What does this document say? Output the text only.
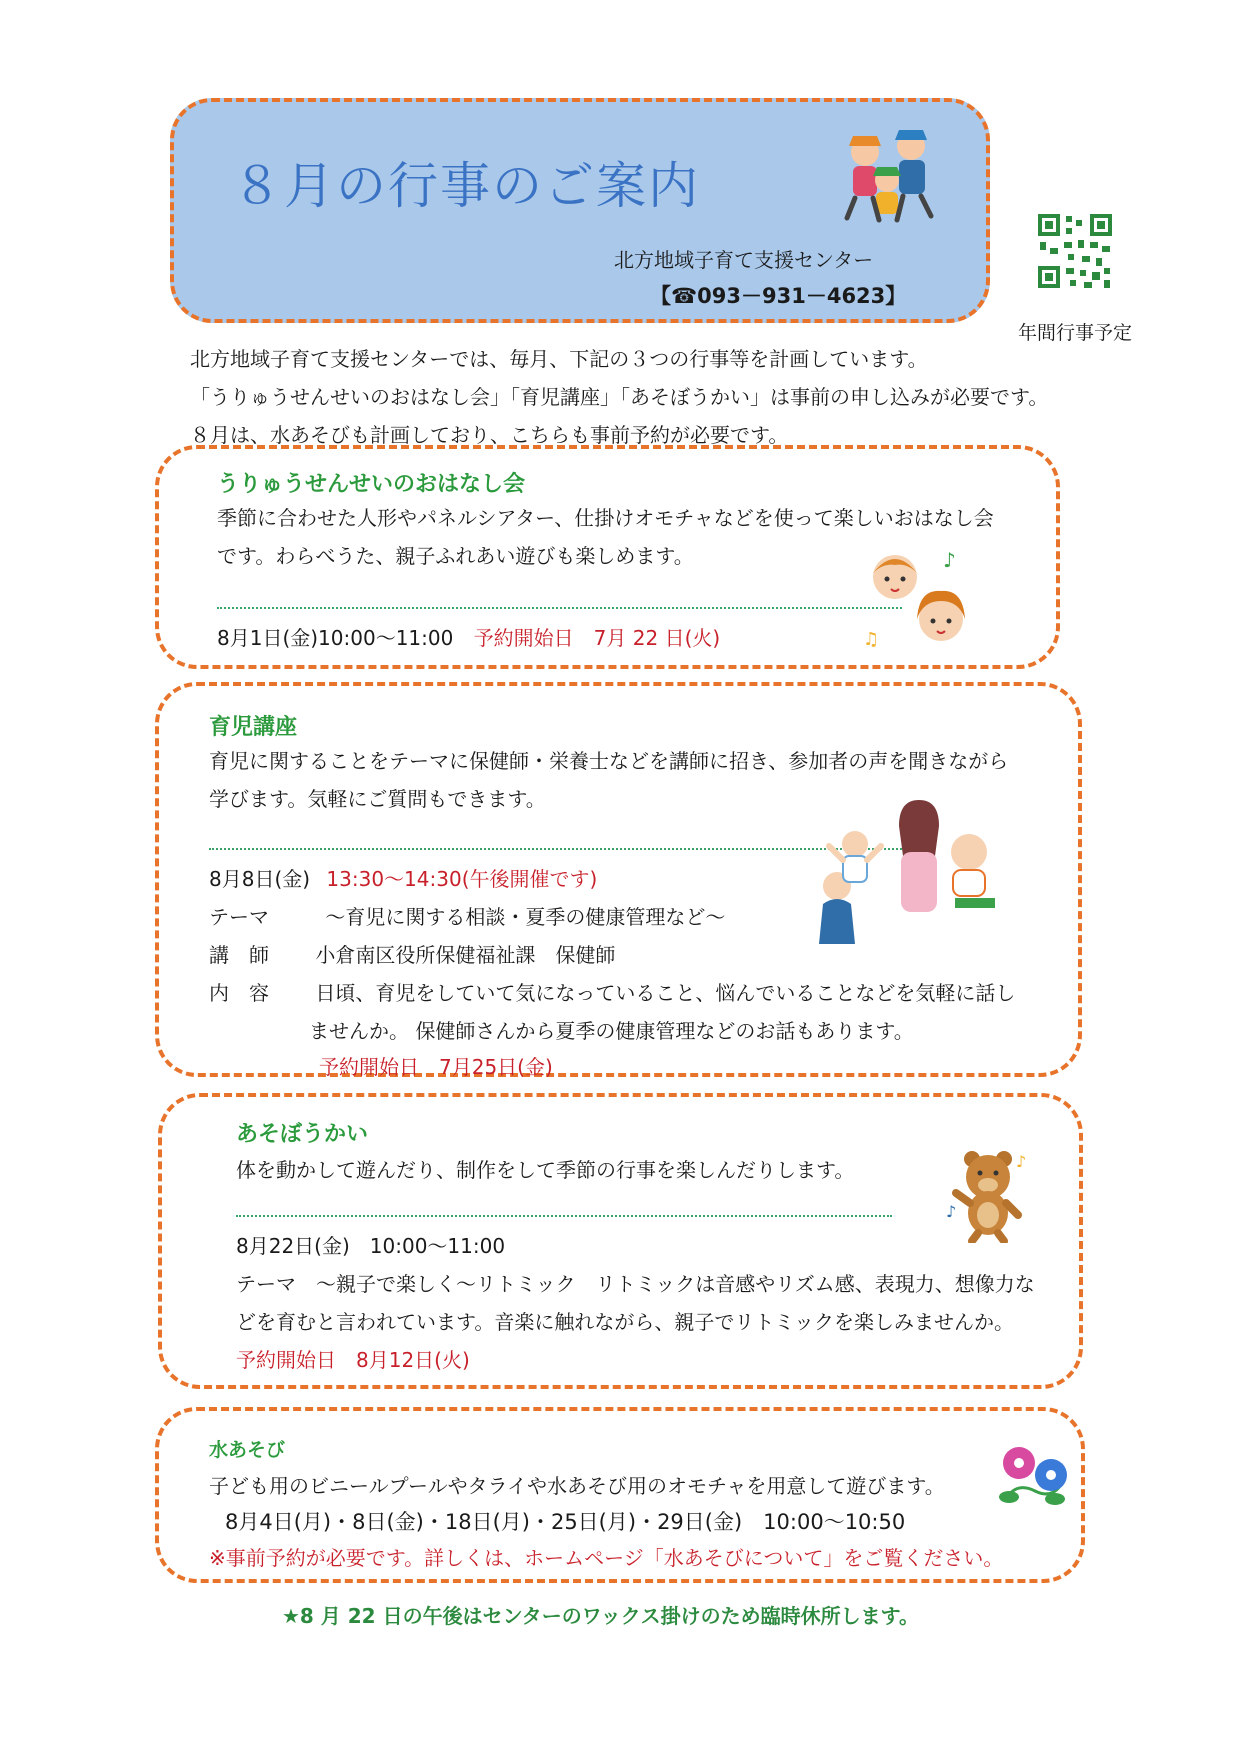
８月の行事のご案内
北方地域子育て支援センター
【☎093－931－4623】
年間行事予定
北方地域子育て支援センターでは、毎月、下記の３つの行事等を計画しています。
「うりゅうせんせいのおはなし会」「育児講座」「あそぼうかい」は事前の申し込みが必要です。
８月は、水あそびも計画しており、こちらも事前予約が必要です。
うりゅうせんせいのおはなし会
季節に合わせた人形やパネルシアター、仕掛けオモチャなどを使って楽しいおはなし会
です。わらべうた、親子ふれあい遊びも楽しめます。
8月1日(金)10:00～11:00 予約開始日　7月 22 日(火)
♪
♫
育児講座
育児に関することをテーマに保健師・栄養士などを講師に招き、参加者の声を聞きながら
学びます。気軽にご質問もできます。
8月8日(金) 13:30～14:30(午後開催です)
テーマ	～育児に関する相談・夏季の健康管理など～
講　師 小倉南区役所保健福祉課　保健師
内　容 日頃、育児をしていて気になっていること、悩んでいることなどを気軽に話し
ませんか。 保健師さんから夏季の健康管理などのお話もあります。
予約開始日　7月25日(金)
あそぼうかい
体を動かして遊んだり、制作をして季節の行事を楽しんだりします。
8月22日(金)　10:00～11:00
テーマ　～親子で楽しく～リトミック　リトミックは音感やリズム感、表現力、想像力な
どを育むと言われています。音楽に触れながら、親子でリトミックを楽しみませんか。
予約開始日　8月12日(火)
♪
♪
水あそび
子ども用のビニールプールやタライや水あそび用のオモチャを用意して遊びます。
8月4日(月)・8日(金)・18日(月)・25日(月)・29日(金)　10:00～10:50
※事前予約が必要です。詳しくは、ホームページ「水あそびについて」をご覧ください。
★8 月 22 日の午後はセンターのワックス掛けのため臨時休所します。
